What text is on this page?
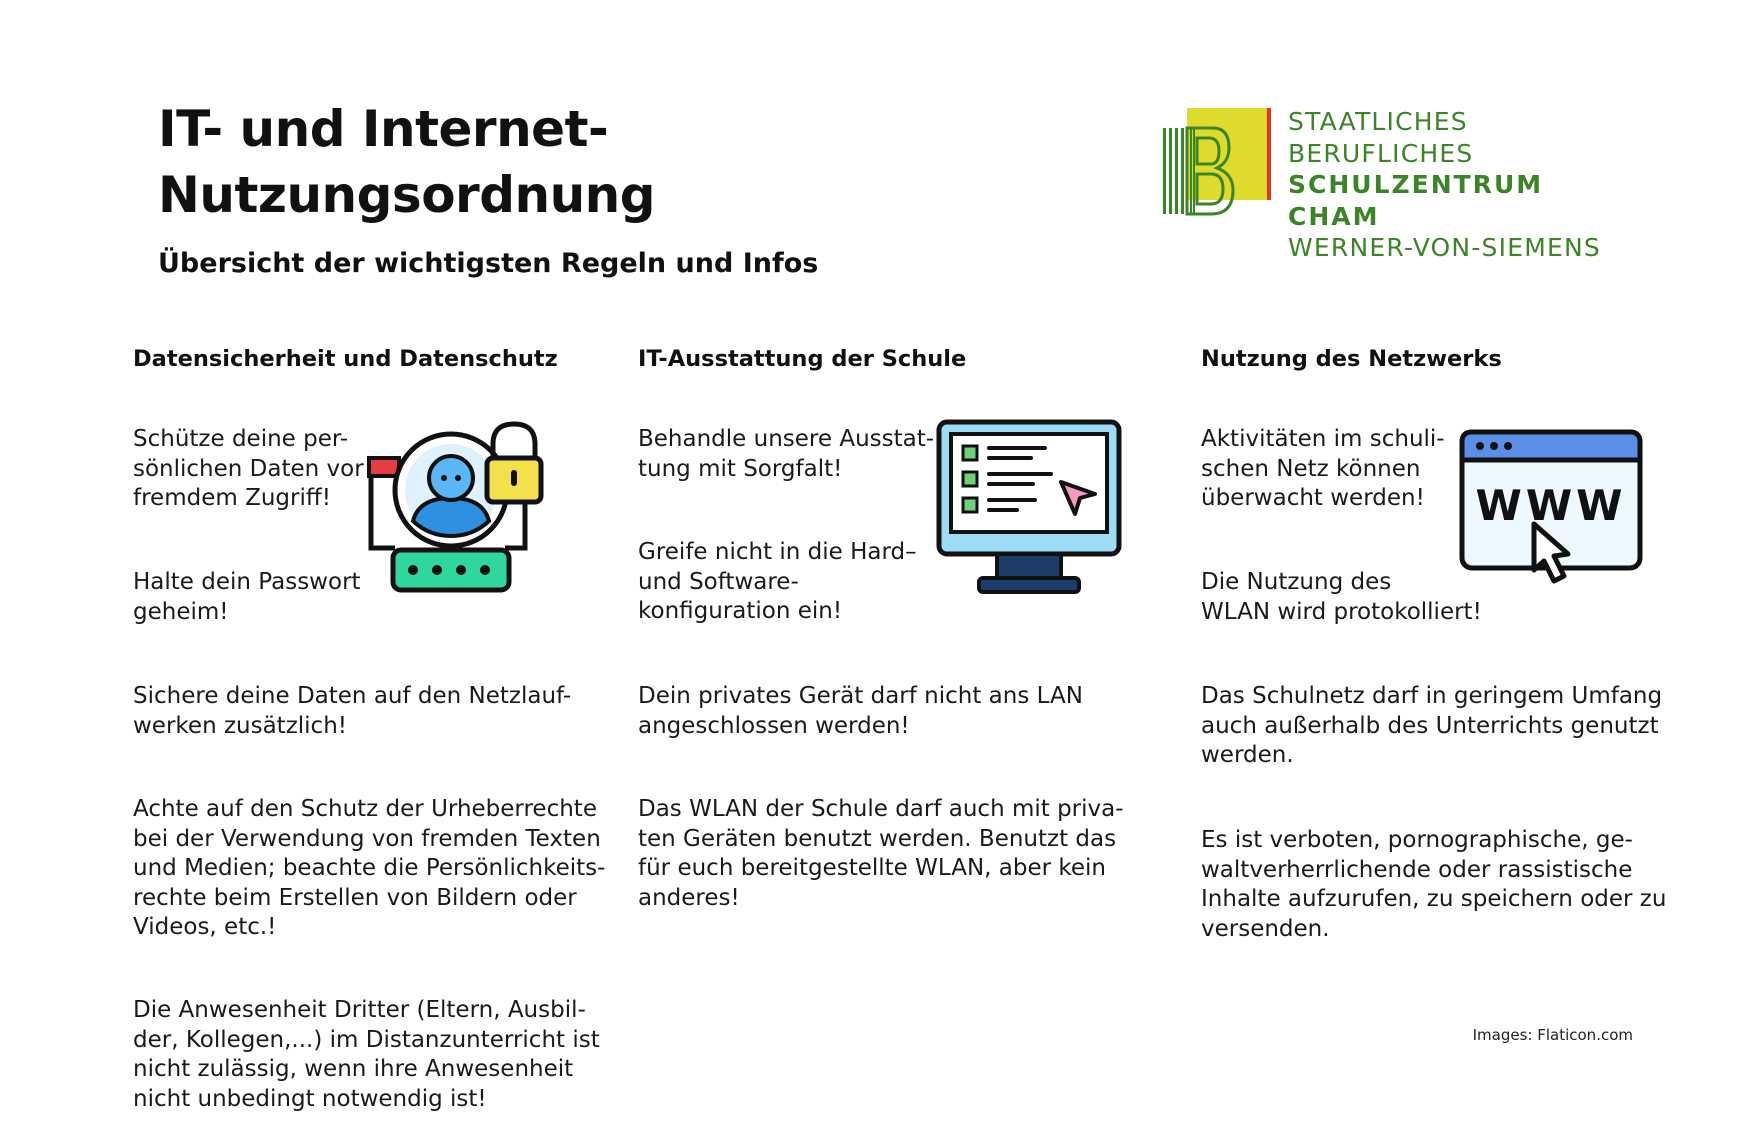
IT- und Internet-
Nutzungsordnung

Übersicht der wichtigsten Regeln und Infos

STAATLICHES BERUFLICHES

SCHULZENTRUM CHAM

WERNER-VON-SIEMENS

Datensicherheit und Datenschutz

Schütze deine per-
sönlichen Daten vor
fremdem Zugriff!

Halte dein Passwort
geheim!

Sichere deine Daten auf den Netzlauf-
werken zusätzlich!

Achte auf den Schutz der Urheberrechte
bei der Verwendung von fremden Texten
und Medien; beachte die Persönlichkeits-
rechte beim Erstellen von Bildern oder
Videos, etc.!

Die Anwesenheit Dritter (Eltern, Ausbil-
der, Kollegen,...) im Distanzunterricht ist
nicht zulässig, wenn ihre Anwesenheit
nicht unbedingt notwendig ist!

IT-Ausstattung der Schule

Behandle unsere Ausstat-
tung mit Sorgfalt!

Greife nicht in die Hard–
und Software-
konfiguration ein!

Dein privates Gerät darf nicht ans LAN
angeschlossen werden!

Das WLAN der Schule darf auch mit priva-
ten Geräten benutzt werden. Benutzt das
für euch bereitgestellte WLAN, aber kein
anderes!

Nutzung des Netzwerks

Aktivitäten im schuli-
schen Netz können
überwacht werden!

Die Nutzung des
WLAN wird protokolliert!

Das Schulnetz darf in geringem Umfang
auch außerhalb des Unterrichts genutzt
werden.

Es ist verboten, pornographische, ge-
waltverherrlichende oder rassistische
Inhalte aufzurufen, zu speichern oder zu
versenden.

WWW

Images: Flaticon.com
